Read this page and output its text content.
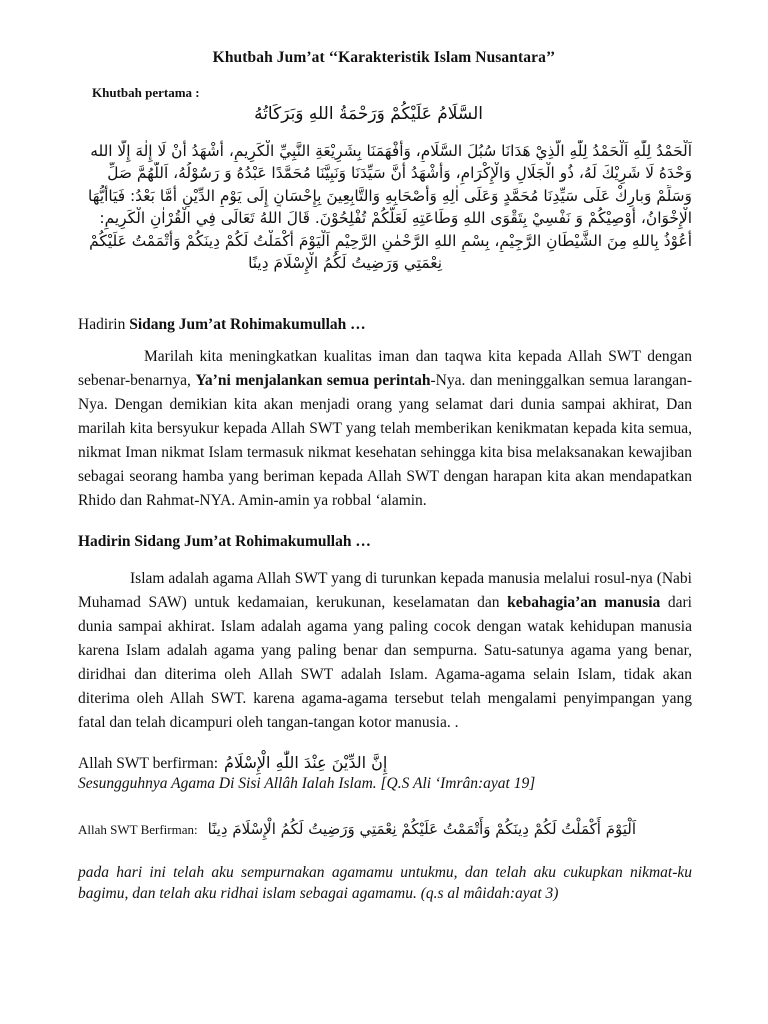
Khutbah Jum’at ‘‘Karakteristik Islam Nusantara’’
Khutbah pertama :
السَّلَامُ عَلَيْكُمْ وَرَحْمَةُ اللهِ وَبَرَكَاتُهُ
اَلْحَمْدُ لِلّٰهِ اَلْحَمْدُ لِلّٰهِ الَّذِيْ هَدَانَا سُبُلَ السَّلَامِ، وَأَفْهَمَنَا بِشَرِيْعَةِ النَّبِيِّ الْكَرِيمِ، أَشْهَدُ أَنْ لَا إِلٰهَ إِلَّا الله
وَحْدَهُ لَا شَرِيْكَ لَهُ، ذُو الْجَلَالِ وَالْإِكْرَامِ، وَأَشْهَدُ أَنَّ سَيِّدَنَا وَنَبِيَّنَا مُحَمَّدًا عَبْدُهُ وَ رَسُوْلُهُ، اَللّٰهُمَّ صَلِّ
وَسَلِّمْ وَبارِكْ عَلَى سَيِّدِنَا مُحَمَّدٍ وَعَلَى اٰلِهِ وَأَصْحَابِهِ وَالتَّابِعِينَ بِإِحْسَانٍ إِلَى يَوْمِ الدِّيْنِ أَمَّا بَعْدُ: فَيَاأَيُّهَا
الْإِخْوَانُ، أُوْصِيْكُمْ وَ نَفْسِيْ بِتَقْوَى اللهِ وَطَاعَتِهِ لَعَلَّكُمْ تُفْلِحُوْنَ. قَالَ اللهُ تَعَالَى فِي الْقُرْاٰنِ الْكَرِيمِ:
أَعُوْذُ بِاللهِ مِنَ الشَّيْطَانِ الرَّجِيْمِ، بِسْمِ اللهِ الرَّحْمٰنِ الرَّحِيْمِ اَلْيَوْمَ أَكْمَلْتُ لَكُمْ دِينَكُمْ وَأَتْمَمْتُ عَلَيْكُمْ
نِعْمَتِي وَرَضِيتُ لَكُمُ الْإِسْلَامَ دِينًا
Hadirin Sidang Jum’at Rohimakumullah …
Marilah kita meningkatkan kualitas iman dan taqwa kita kepada Allah SWT dengan sebenar-benarnya, Ya’ni menjalankan semua perintah-Nya. dan meninggalkan semua larangan-Nya. Dengan demikian kita akan menjadi orang yang selamat dari dunia sampai akhirat, Dan marilah kita bersyukur kepada Allah SWT yang telah memberikan kenikmatan kepada kita semua, nikmat Iman nikmat Islam termasuk nikmat kesehatan sehingga kita bisa melaksanakan kewajiban sebagai seorang hamba yang beriman kepada Allah SWT dengan harapan kita akan mendapatkan Rhido dan Rahmat-NYA. Amin-amin ya robbal ‘alamin.
Hadirin Sidang Jum’at Rohimakumullah …
Islam adalah agama Allah SWT yang di turunkan kepada manusia melalui rosul-nya (Nabi Muhamad SAW) untuk kedamaian, kerukunan, keselamatan dan kebahagia’an manusia dari dunia sampai akhirat. Islam adalah agama yang paling cocok dengan watak kehidupan manusia karena Islam adalah agama yang paling benar dan sempurna. Satu-satunya agama yang benar, diridhai dan diterima oleh Allah SWT adalah Islam. Agama-agama selain Islam, tidak akan diterima oleh Allah SWT. karena agama-agama tersebut telah mengalami penyimpangan yang fatal dan telah dicampuri oleh tangan-tangan kotor manusia. .
Allah SWT berfirman: إِنَّ الدِّيْنَ عِنْدَ اللّٰهِ الْإِسْلَامُ
Sesungguhnya Agama Di Sisi Allâh Ialah Islam. [Q.S Ali ‘Imrân:ayat 19]
Allah SWT Berfirman: اَلْيَوْمَ أَكْمَلْتُ لَكُمْ دِينَكُمْ وَأَتْمَمْتُ عَلَيْكُمْ نِعْمَتِي وَرَضِيتُ لَكُمُ الْإِسْلَامَ دِينًا
pada hari ini telah aku sempurnakan agamamu untukmu, dan telah aku cukupkan nikmat-ku bagimu, dan telah aku ridhai islam sebagai agamamu. (q.s al mâidah:ayat 3)
